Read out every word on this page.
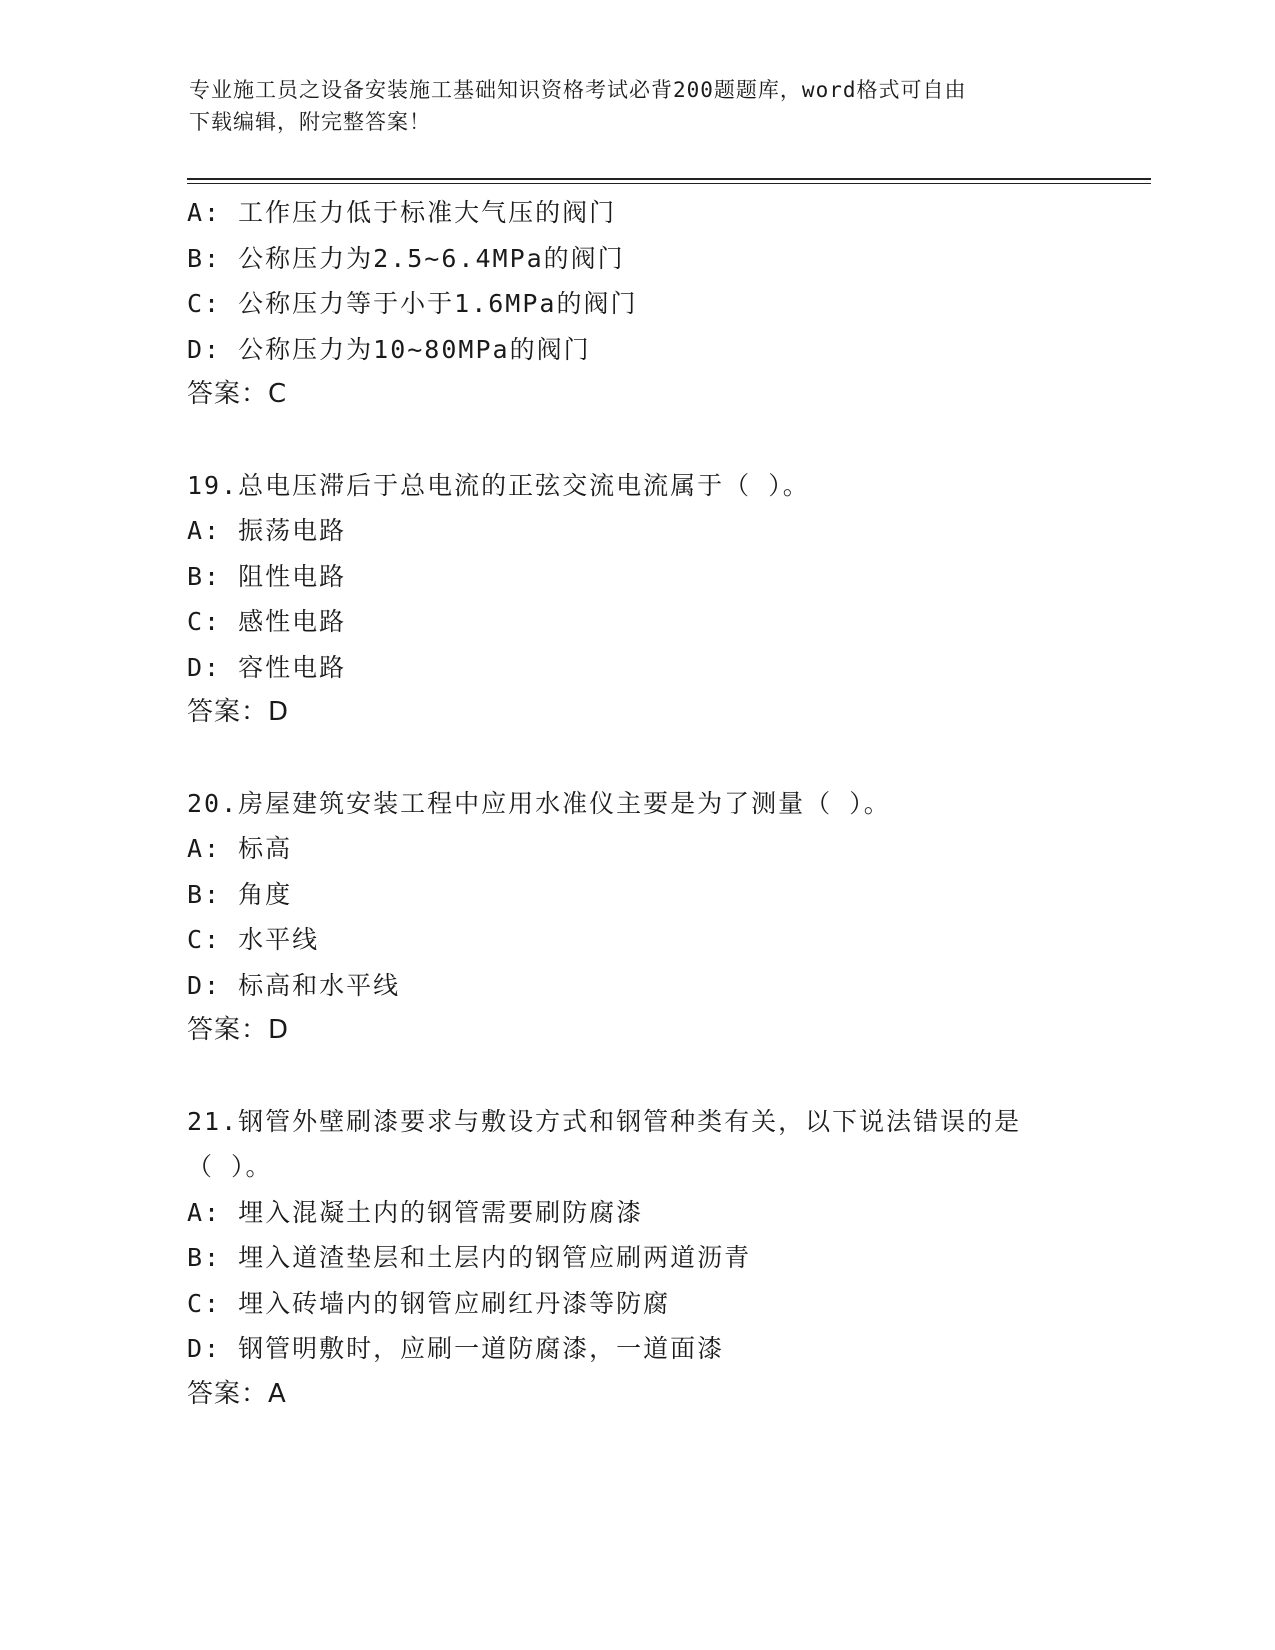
专业施工员之设备安装施工基础知识资格考试必背200题题库，word格式可自由
下载编辑，附完整答案！
A: 工作压力低于标准大气压的阀门
B: 公称压力为2.5~6.4MPa的阀门
C: 公称压力等于小于1.6MPa的阀门
D: 公称压力为10~80MPa的阀门
答案：C
19.总电压滞后于总电流的正弦交流电流属于（ ）。
A: 振荡电路
B: 阻性电路
C: 感性电路
D: 容性电路
答案：D
20.房屋建筑安装工程中应用水准仪主要是为了测量（ ）。
A: 标高
B: 角度
C: 水平线
D: 标高和水平线
答案：D
21.钢管外壁刷漆要求与敷设方式和钢管种类有关，以下说法错误的是
（ ）。
A: 埋入混凝土内的钢管需要刷防腐漆
B: 埋入道渣垫层和土层内的钢管应刷两道沥青
C: 埋入砖墙内的钢管应刷红丹漆等防腐
D: 钢管明敷时，应刷一道防腐漆，一道面漆
答案：A
